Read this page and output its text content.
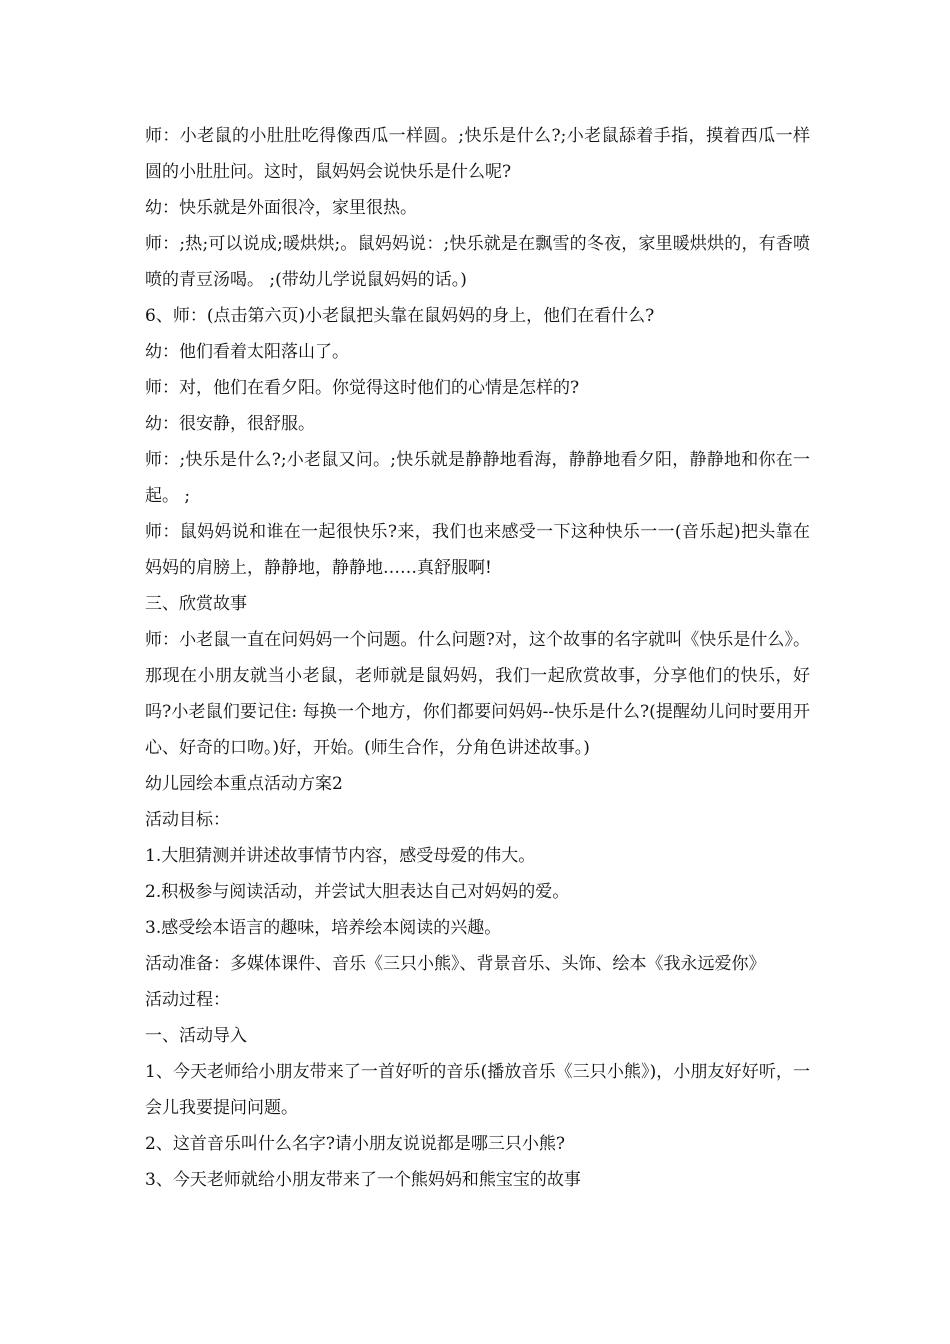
师：小老鼠的小肚肚吃得像西瓜一样圆。;快乐是什么?;小老鼠舔着手指，摸着西瓜一样圆的小肚肚问。这时，鼠妈妈会说快乐是什么呢?

幼：快乐就是外面很冷，家里很热。

师：;热;可以说成;暖烘烘;。鼠妈妈说：;快乐就是在飘雪的冬夜，家里暖烘烘的，有香喷喷的青豆汤喝。 ;(带幼儿学说鼠妈妈的话。)

6、师：(点击第六页)小老鼠把头靠在鼠妈妈的身上，他们在看什么?

幼：他们看着太阳落山了。

师：对，他们在看夕阳。你觉得这时他们的心情是怎样的?

幼：很安静，很舒服。

师：;快乐是什么?;小老鼠又问。;快乐就是静静地看海，静静地看夕阳，静静地和你在一起。 ;

师：鼠妈妈说和谁在一起很快乐?来，我们也来感受一下这种快乐一一(音乐起)把头靠在妈妈的肩膀上，静静地，静静地……真舒服啊!

三、欣赏故事

师：小老鼠一直在问妈妈一个问题。什么问题?对，这个故事的名字就叫《快乐是什么》。那现在小朋友就当小老鼠，老师就是鼠妈妈，我们一起欣赏故事，分享他们的快乐，好吗?小老鼠们要记住: 每换一个地方，你们都要问妈妈--快乐是什么?(提醒幼儿问时要用开心、好奇的口吻。)好，开始。(师生合作，分角色讲述故事。)

幼儿园绘本重点活动方案2

活动目标：

1.大胆猜测并讲述故事情节内容，感受母爱的伟大。

2.积极参与阅读活动，并尝试大胆表达自己对妈妈的爱。

3.感受绘本语言的趣味，培养绘本阅读的兴趣。

活动准备：多媒体课件、音乐《三只小熊》、背景音乐、头饰、绘本《我永远爱你》

活动过程：

一、活动导入

1、今天老师给小朋友带来了一首好听的音乐(播放音乐《三只小熊》)，小朋友好好听，一会儿我要提问问题。

2、这首音乐叫什么名字?请小朋友说说都是哪三只小熊?

3、今天老师就给小朋友带来了一个熊妈妈和熊宝宝的故事
